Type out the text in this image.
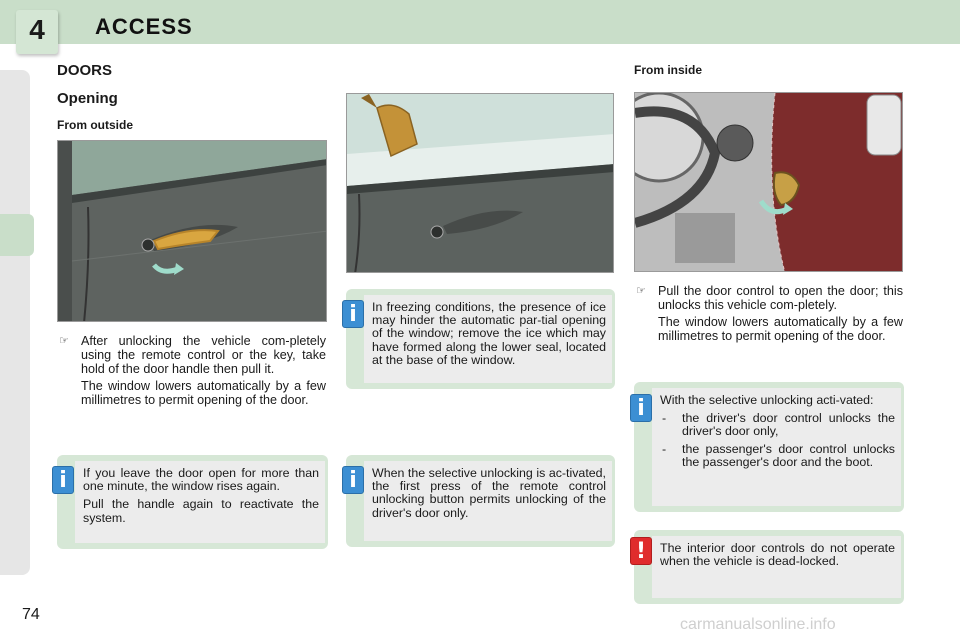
4	ACCESS
DOORS
Opening
From outside
From inside
☞ After unlocking the vehicle com-pletely using the remote control or the key, take hold of the door handle then pull it.

The window lowers automatically by a few millimetres to permit opening of the door.

☞ Pull the door control to open the door; this unlocks this vehicle com-pletely.

The window lowers automatically by a few millimetres to permit opening of the door.

If you leave the door open for more than one minute, the window rises again.

Pull the handle again to reactivate the system.

i
In freezing conditions, the presence of ice may hinder the automatic par-tial opening of the window; remove the ice which may have formed along the lower seal, located at the base of the window.
i
When the selective unlocking is ac-tivated, the first press of the remote control unlocking button permits unlocking of the driver's door only.
i

With the selective unlocking acti-vated:

- the driver's door control unlocks the driver's door only,
- the passenger's door control unlocks the passenger's door and the boot.
i
The interior door controls do not operate when the vehicle is dead-locked.
!
74
carmanualsonline.info
